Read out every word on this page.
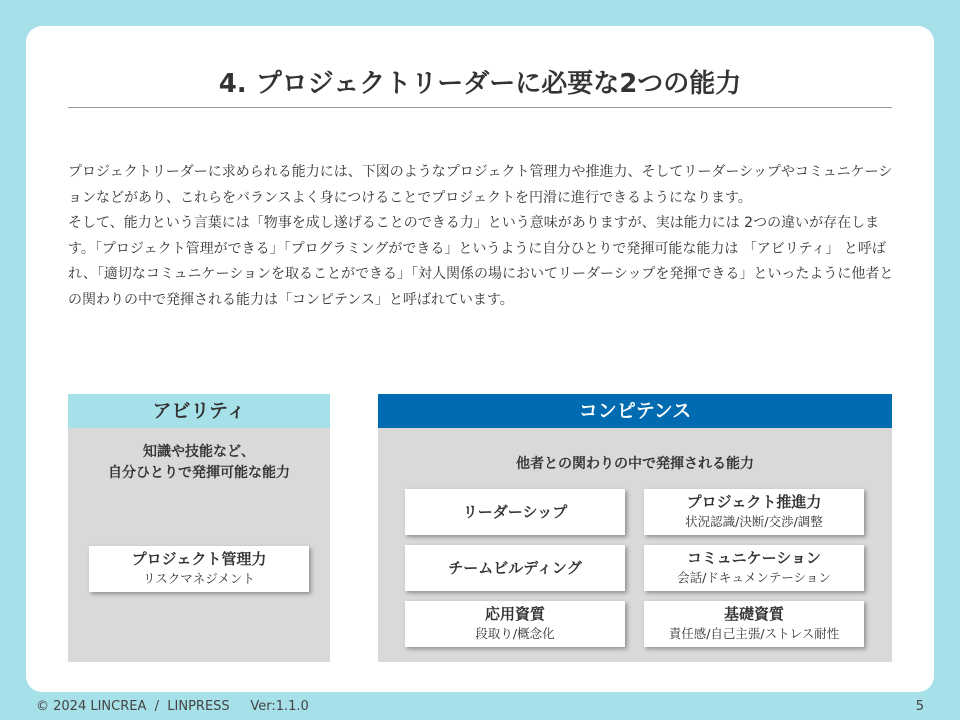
4. プロジェクトリーダーに必要な2つの能力

プロジェクトリーダーに求められる能力には、下図のようなプロジェクト管理力や推進力、そしてリーダーシップやコミュニケーションなどがあり、これらをバランスよく身につけることでプロジェクトを円滑に進行できるようになります。

そして、能力という言葉には「物事を成し遂げることのできる力」という意味がありますが、実は能力には 2つの違いが存在します。「プロジェクト管理ができる」「プログラミングができる」というように自分ひとりで発揮可能な能力は 「アビリティ」 と呼ばれ、「適切なコミュニケーションを取ることができる」「対人関係の場においてリーダーシップを発揮できる」といったように他者との関わりの中で発揮される能力は「コンピテンス」と呼ばれています。

アビリティ
知識や技能など、
自分ひとりで発揮可能な能力
プロジェクト管理力
リスクマネジメント
コンピテンス
他者との関わりの中で発揮される能力
リーダーシップ
プロジェクト推進力
状況認識/決断/交渉/調整
チームビルディング
コミュニケーション
会話/ドキュメンテーション
応用資質
段取り/概念化
基礎資質
責任感/自己主張/ストレス耐性
© 2024 LINCREA  /  LINPRESS     Ver:1.1.0	5
